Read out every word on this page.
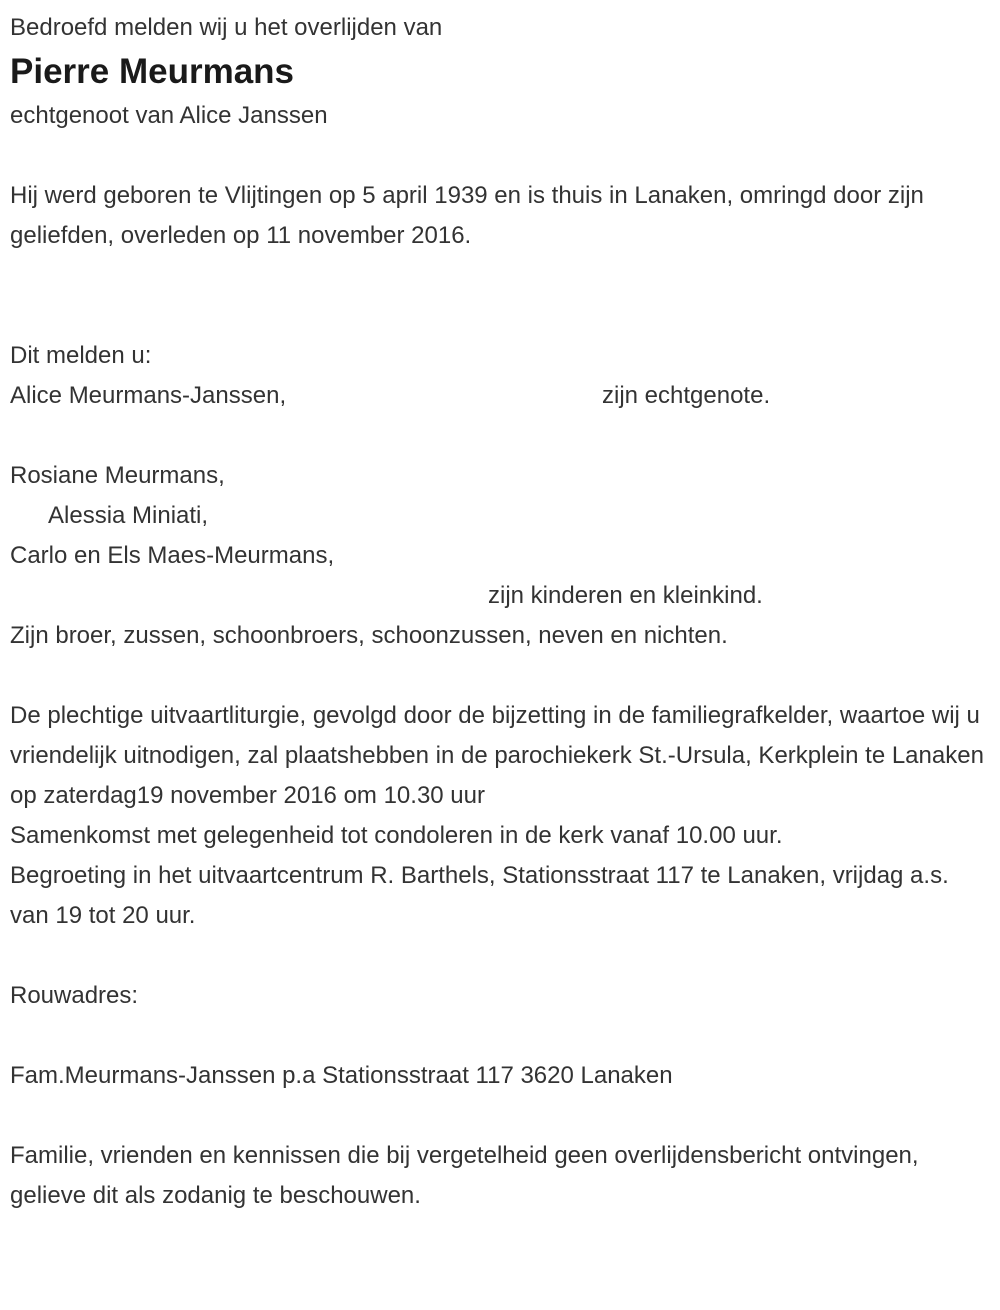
Bedroefd melden wij u het overlijden van

Pierre Meurmans

echtgenoot van Alice Janssen

Hij werd geboren te Vlijtingen op 5 april 1939 en is thuis in Lanaken, omringd door zijn geliefden, overleden op 11 november 2016.

Dit melden u:

Alice Meurmans-Janssen,	zijn echtgenote.

Rosiane Meurmans,

Alessia Miniati,

Carlo en Els Maes-Meurmans,

zijn kinderen en kleinkind.

Zijn broer, zussen, schoonbroers, schoonzussen, neven en nichten.

De plechtige uitvaartliturgie, gevolgd door de bijzetting in de familiegrafkelder, waartoe wij u vriendelijk uitnodigen, zal plaatshebben in de parochiekerk St.-Ursula, Kerkplein te Lanaken op zaterdag19 november 2016 om 10.30 uur

Samenkomst met gelegenheid tot condoleren in de kerk vanaf 10.00 uur.

Begroeting in het uitvaartcentrum R. Barthels, Stationsstraat 117 te Lanaken, vrijdag a.s. van 19 tot 20 uur.

Rouwadres:

Fam.Meurmans-Janssen p.a Stationsstraat 117 3620 Lanaken

Familie, vrienden en kennissen die bij vergetelheid geen overlijdensbericht ontvingen, gelieve dit als zodanig te beschouwen.
